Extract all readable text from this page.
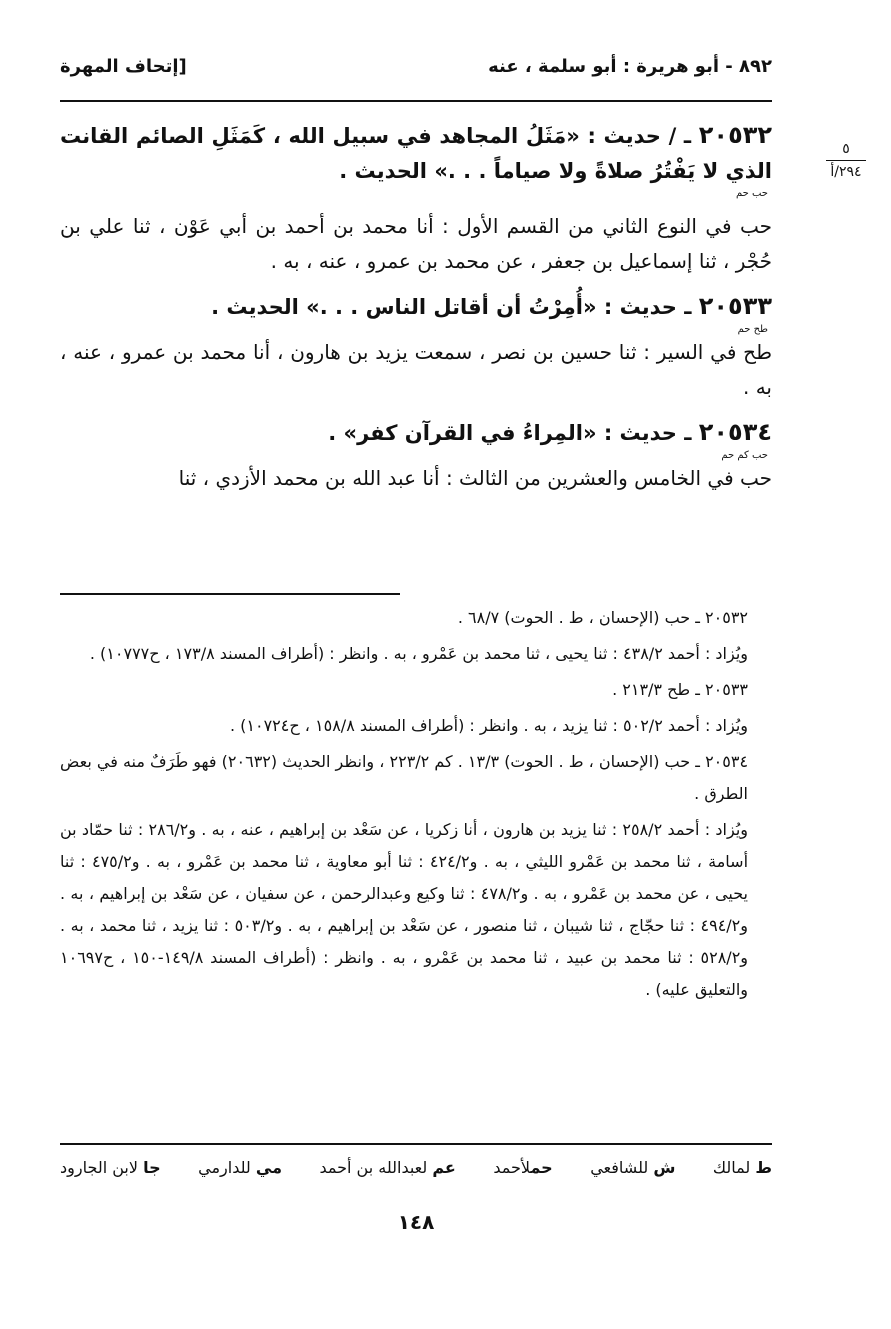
٨٩٢ - أبو هريرة : أبو سلمة ، عنه
[إتحاف المهرة
٥
٢٩٤/أ

٢٠٥٣٢ ـ / حديث : «مَثَلُ المجاهد في سبيل الله ، كَمَثَلِ الصائم القانت الذي لا يَفْتُرُ صلاةً ولا صياماً . . .» الحديث .

حب حم

حب في النوع الثاني من القسم الأول : أنا محمد بن أحمد بن أبي عَوْن ، ثنا علي بن حُجْر ، ثنا إسماعيل بن جعفر ، عن محمد بن عمرو ، عنه ، به .

٢٠٥٣٣ ـ حديث : «أُمِرْتُ أن أقاتل الناس . . .» الحديث .

طح حم

طح في السير : ثنا حسين بن نصر ، سمعت يزيد بن هارون ، أنا محمد بن عمرو ، عنه ، به .

٢٠٥٣٤ ـ حديث : «المِراءُ في القرآن كفر» .

حب كم حم

حب في الخامس والعشرين من الثالث : أنا عبد الله بن محمد الأزدي ، ثنا

٢٠٥٣٢ ـ حب (الإحسان ، ط . الحوت) ٦٨/٧ .

ويُزاد : أحمد ٤٣٨/٢ : ثنا يحيى ، ثنا محمد بن عَمْرو ، به . وانظر : (أطراف المسند ١٧٣/٨ ، ح١٠٧٧٧) .

٢٠٥٣٣ ـ طح ٢١٣/٣ .

ويُزاد : أحمد ٥٠٢/٢ : ثنا يزيد ، به . وانظر : (أطراف المسند ١٥٨/٨ ، ح١٠٧٢٤) .

٢٠٥٣٤ ـ حب (الإحسان ، ط . الحوت) ١٣/٣ . كم ٢٢٣/٢ ، وانظر الحديث (٢٠٦٣٢) فهو طَرَفٌ منه في بعض الطرق .

ويُزاد : أحمد ٢٥٨/٢ : ثنا يزيد بن هارون ، أنا زكريا ، عن سَعْد بن إبراهيم ، عنه ، به . و٢٨٦/٢ : ثنا حمّاد بن أسامة ، ثنا محمد بن عَمْرو الليثي ، به . و٤٢٤/٢ : ثنا أبو معاوية ، ثنا محمد بن عَمْرو ، به . و٤٧٥/٢ : ثنا يحيى ، عن محمد بن عَمْرو ، به . و٤٧٨/٢ : ثنا وكيع وعبدالرحمن ، عن سفيان ، عن سَعْد بن إبراهيم ، به . و٤٩٤/٢ : ثنا حجّاج ، ثنا شيبان ، ثنا منصور ، عن سَعْد بن إبراهيم ، به . و٥٠٣/٢ : ثنا يزيد ، ثنا محمد ، به . و٥٢٨/٢ : ثنا محمد بن عبيد ، ثنا محمد بن عَمْرو ، به . وانظر : (أطراف المسند ١٤٩/٨-١٥٠ ، ح١٠٦٩٧ والتعليق عليه) .

ط لمالك
ش للشافعي
حملأحمد
عم لعبدالله بن أحمد
مي للدارمي
جا لابن الجارود
١٤٨
